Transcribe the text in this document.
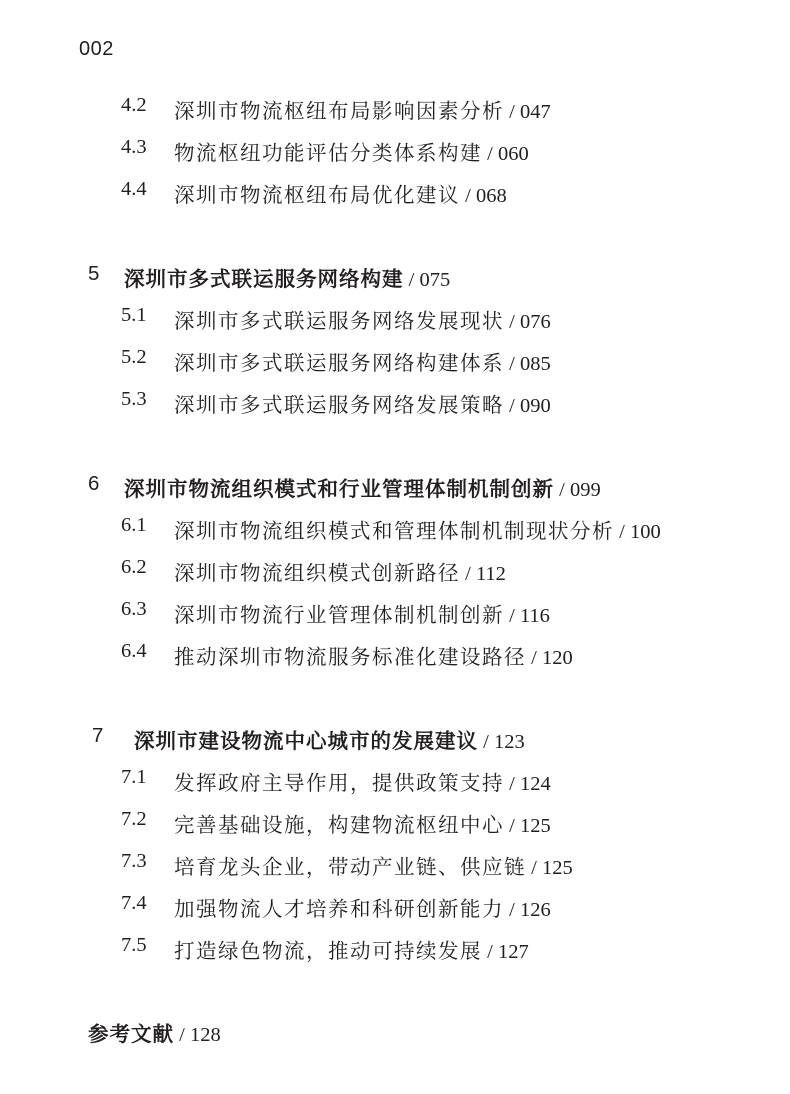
002
4.2 深圳市物流枢纽布局影响因素分析 / 047
4.3 物流枢纽功能评估分类体系构建 / 060
4.4 深圳市物流枢纽布局优化建议 / 068
5 深圳市多式联运服务网络构建 / 075
5.1 深圳市多式联运服务网络发展现状 / 076
5.2 深圳市多式联运服务网络构建体系 / 085
5.3 深圳市多式联运服务网络发展策略 / 090
6 深圳市物流组织模式和行业管理体制机制创新 / 099
6.1 深圳市物流组织模式和管理体制机制现状分析 / 100
6.2 深圳市物流组织模式创新路径 / 112
6.3 深圳市物流行业管理体制机制创新 / 116
6.4 推动深圳市物流服务标准化建设路径 / 120
7 深圳市建设物流中心城市的发展建议 / 123
7.1 发挥政府主导作用，提供政策支持 / 124
7.2 完善基础设施，构建物流枢纽中心 / 125
7.3 培育龙头企业，带动产业链、供应链 / 125
7.4 加强物流人才培养和科研创新能力 / 126
7.5 打造绿色物流，推动可持续发展 / 127
参考文献 / 128
